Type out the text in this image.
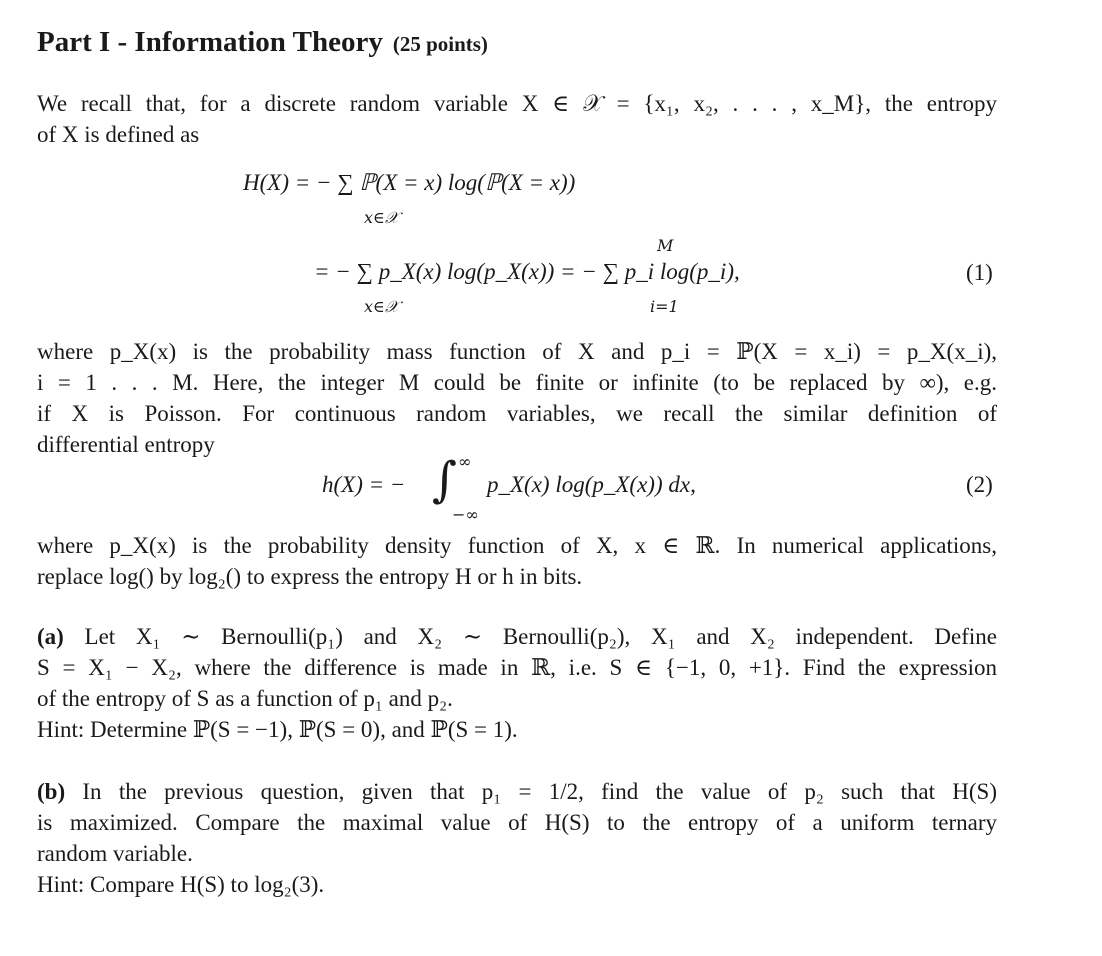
Part I - Information Theory (25 points)
We recall that, for a discrete random variable X ∈ 𝒳 = {x₁, x₂, . . . , x_M}, the entropy
of X is defined as
H(X) = − ∑ ℙ(X = x) log(ℙ(X = x))
x∈𝒳
M
= − ∑ p_X(x) log(p_X(x)) = − ∑ p_i log(p_i),
x∈𝒳	i=1
(1)
where p_X(x) is the probability mass function of X and p_i = ℙ(X = x_i) = p_X(x_i),
i = 1 . . . M. Here, the integer M could be finite or infinite (to be replaced by ∞), e.g.
if X is Poisson. For continuous random variables, we recall the similar definition of
differential entropy
h(X) = − ∫ ∞
−∞
p_X(x) log(p_X(x)) dx,	(2)
where p_X(x) is the probability density function of X, x ∈ ℝ. In numerical applications,
replace log() by log₂() to express the entropy H or h in bits.
(a) Let X₁ ∼ Bernoulli(p₁) and X₂ ∼ Bernoulli(p₂), X₁ and X₂ independent. Define
S = X₁ − X₂, where the difference is made in ℝ, i.e. S ∈ {−1, 0, +1}. Find the expression
of the entropy of S as a function of p₁ and p₂.
Hint: Determine ℙ(S = −1), ℙ(S = 0), and ℙ(S = 1).
(b) In the previous question, given that p₁ = 1/2, find the value of p₂ such that H(S)
is maximized. Compare the maximal value of H(S) to the entropy of a uniform ternary
random variable.
Hint: Compare H(S) to log₂(3).
